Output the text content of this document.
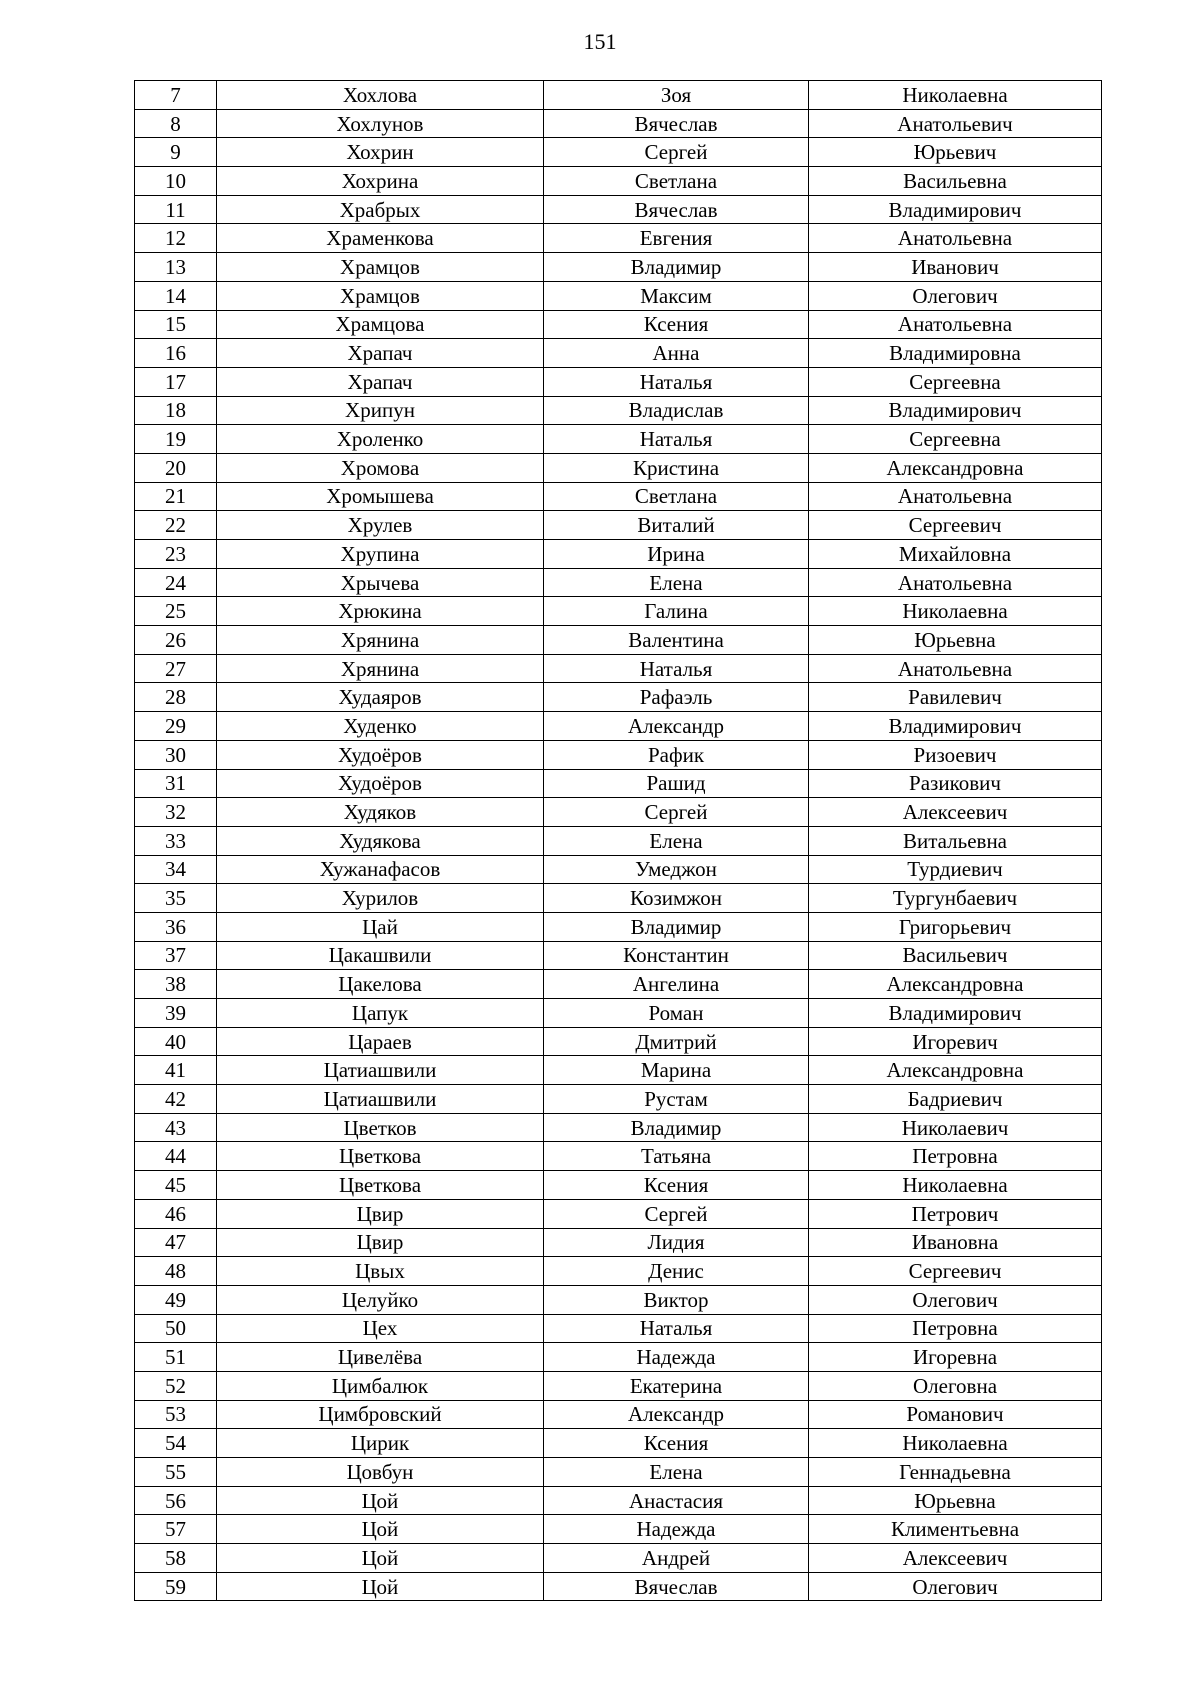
151
7	Хохлова	Зоя	Николаевна
8	Хохлунов	Вячеслав	Анатольевич
9	Хохрин	Сергей	Юрьевич
10	Хохрина	Светлана	Васильевна
11	Храбрых	Вячеслав	Владимирович
12	Храменкова	Евгения	Анатольевна
13	Храмцов	Владимир	Иванович
14	Храмцов	Максим	Олегович
15	Храмцова	Ксения	Анатольевна
16	Храпач	Анна	Владимировна
17	Храпач	Наталья	Сергеевна
18	Хрипун	Владислав	Владимирович
19	Хроленко	Наталья	Сергеевна
20	Хромова	Кристина	Александровна
21	Хромышева	Светлана	Анатольевна
22	Хрулев	Виталий	Сергеевич
23	Хрупина	Ирина	Михайловна
24	Хрычева	Елена	Анатольевна
25	Хрюкина	Галина	Николаевна
26	Хрянина	Валентина	Юрьевна
27	Хрянина	Наталья	Анатольевна
28	Худаяров	Рафаэль	Равилевич
29	Худенко	Александр	Владимирович
30	Худоёров	Рафик	Ризоевич
31	Худоёров	Рашид	Разикович
32	Худяков	Сергей	Алексеевич
33	Худякова	Елена	Витальевна
34	Хужанафасов	Умеджон	Турдиевич
35	Хурилов	Козимжон	Тургунбаевич
36	Цай	Владимир	Григорьевич
37	Цакашвили	Константин	Васильевич
38	Цакелова	Ангелина	Александровна
39	Цапук	Роман	Владимирович
40	Цараев	Дмитрий	Игоревич
41	Цатиашвили	Марина	Александровна
42	Цатиашвили	Рустам	Бадриевич
43	Цветков	Владимир	Николаевич
44	Цветкова	Татьяна	Петровна
45	Цветкова	Ксения	Николаевна
46	Цвир	Сергей	Петрович
47	Цвир	Лидия	Ивановна
48	Цвых	Денис	Сергеевич
49	Целуйко	Виктор	Олегович
50	Цех	Наталья	Петровна
51	Цивелёва	Надежда	Игоревна
52	Цимбалюк	Екатерина	Олеговна
53	Цимбровский	Александр	Романович
54	Цирик	Ксения	Николаевна
55	Цовбун	Елена	Геннадьевна
56	Цой	Анастасия	Юрьевна
57	Цой	Надежда	Климентьевна
58	Цой	Андрей	Алексеевич
59	Цой	Вячеслав	Олегович
